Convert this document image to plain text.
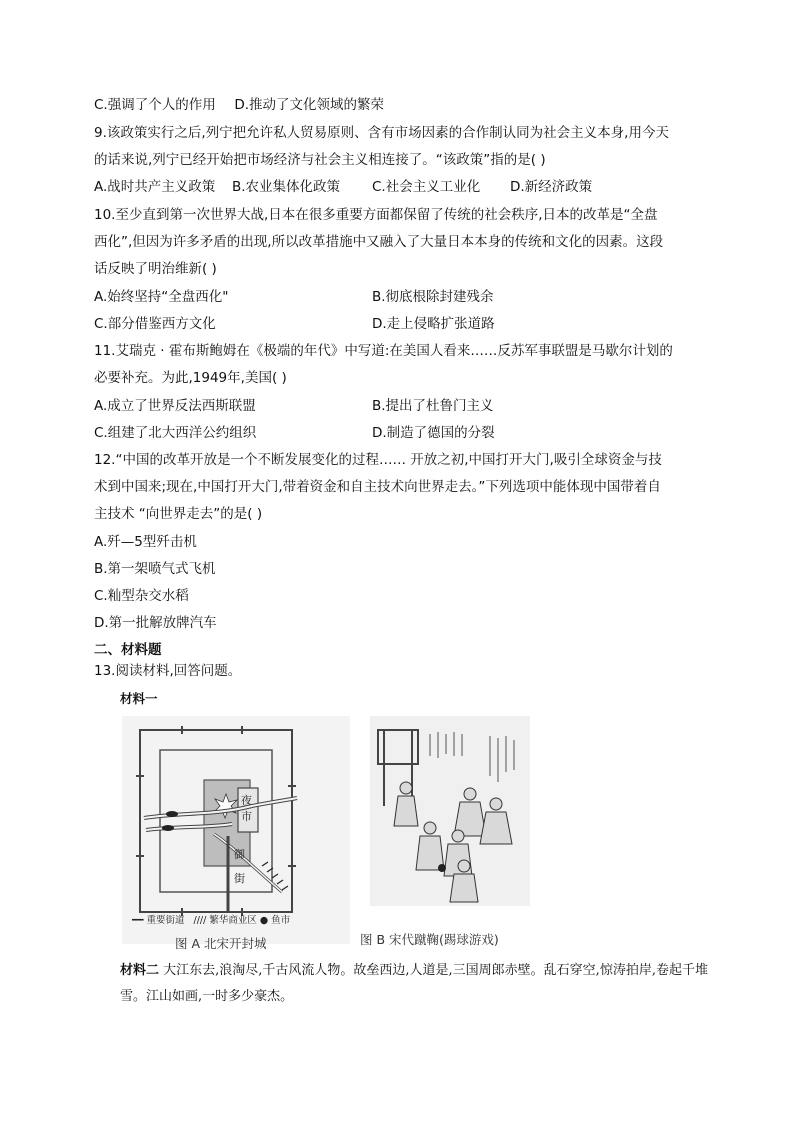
C.强调了个人的作用 D.推动了文化领域的繁荣
9.该政策实行之后,列宁把允许私人贸易原则、含有市场因素的合作制认同为社会主义本身,用今天
的话来说,列宁已经开始把市场经济与社会主义相连接了。“该政策”指的是( )
A.战时共产主义政策 B.农业集体化政策 C.社会主义工业化 D.新经济政策
10.至少直到第一次世界大战,日本在很多重要方面都保留了传统的社会秩序,日本的改革是“全盘
西化”,但因为许多矛盾的出现,所以改革措施中又融入了大量日本本身的传统和文化的因素。这段
话反映了明治维新( )
A.始终坚持“全盘西化"	B.彻底根除封建残余
C.部分借鉴西方文化	D.走上侵略扩张道路
11.艾瑞克 · 霍布斯鲍姆在《极端的年代》中写道:在美国人看来……反苏军事联盟是马歇尔计划的
必要补充。为此,1949年,美国( )
A.成立了世界反法西斯联盟	B.提出了杜鲁门主义
C.组建了北大西洋公约组织	D.制造了德国的分裂
12.“中国的改革开放是一个不断发展变化的过程…… 开放之初,中国打开大门,吸引全球资金与技
术到中国来;现在,中国打开大门,带着资金和自主技术向世界走去。”下列选项中能体现中国带着自
主技术 “向世界走去”的是( )
A.歼—5型歼击机
B.第一架喷气式飞机
C.籼型杂交水稻
D.第一批解放牌汽车
二、材料题
13.阅读材料,回答问题。
材料一
夜
市
御
街
━━ 重要街道 //// 繁华商业区 ● 鱼市
图 A 北宋开封城	图 B 宋代蹴鞠(踢球游戏)
材料二 大江东去,浪淘尽,千古风流人物。故垒西边,人道是,三国周郎赤壁。乱石穿空,惊涛拍岸,卷起千堆雪。江山如画,一时多少豪杰。
